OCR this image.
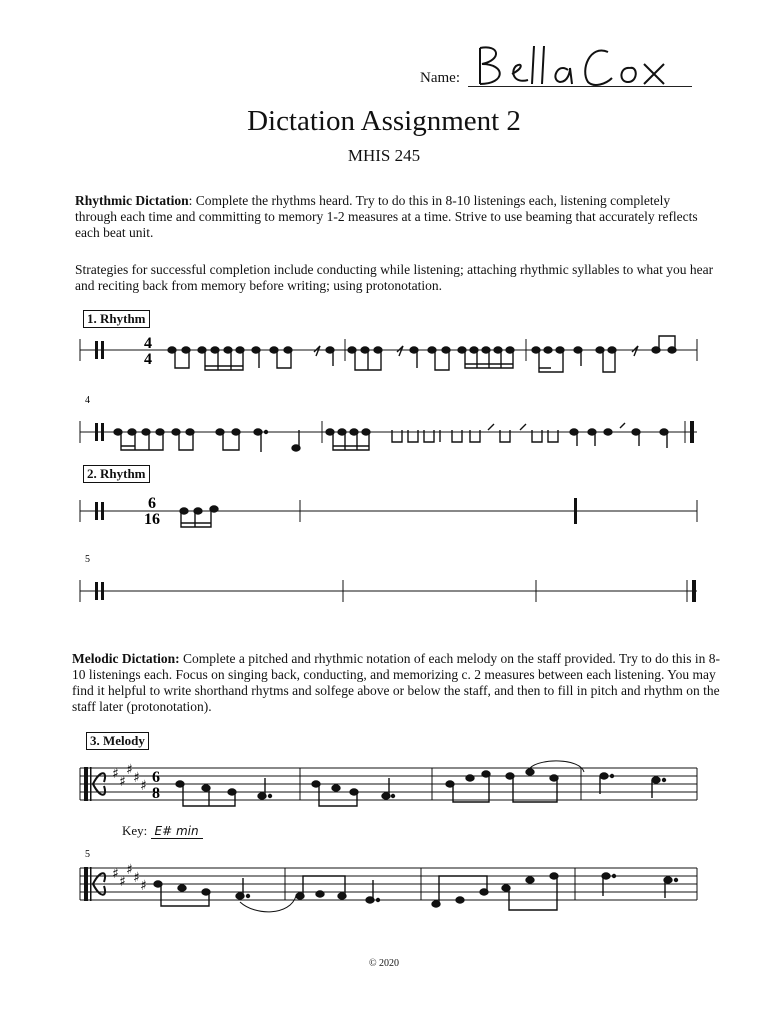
Name:
Bella Cox
Dictation Assignment 2
MHIS 245
Rhythmic Dictation: Complete the rhythms heard. Try to do this in 8-10 listenings each, listening completely through each time and committing to memory 1-2 measures at a time. Strive to use beaming that accurately reflects each beat unit.
Strategies for successful completion include conducting while listening; attaching rhythmic syllables to what you hear and reciting back from memory before writing; using protonotation.
1. Rhythm
4
4
4
2. Rhythm
6
16
5
Melodic Dictation: Complete a pitched and rhythmic notation of each melody on the staff provided. Try to do this in 8-10 listenings each. Focus on singing back, conducting, and memorizing c. 2 measures between each listening. You may find it helpful to write shorthand rhytms and solfege above or below the staff, and then to fill in pitch and rhythm on the staff later (protonotation).
3. Melody
♯ ♯
♯ ♯ ♯ 6
8
5
♯ ♯
♯ ♯ ♯
Key: E# min
© 2020
